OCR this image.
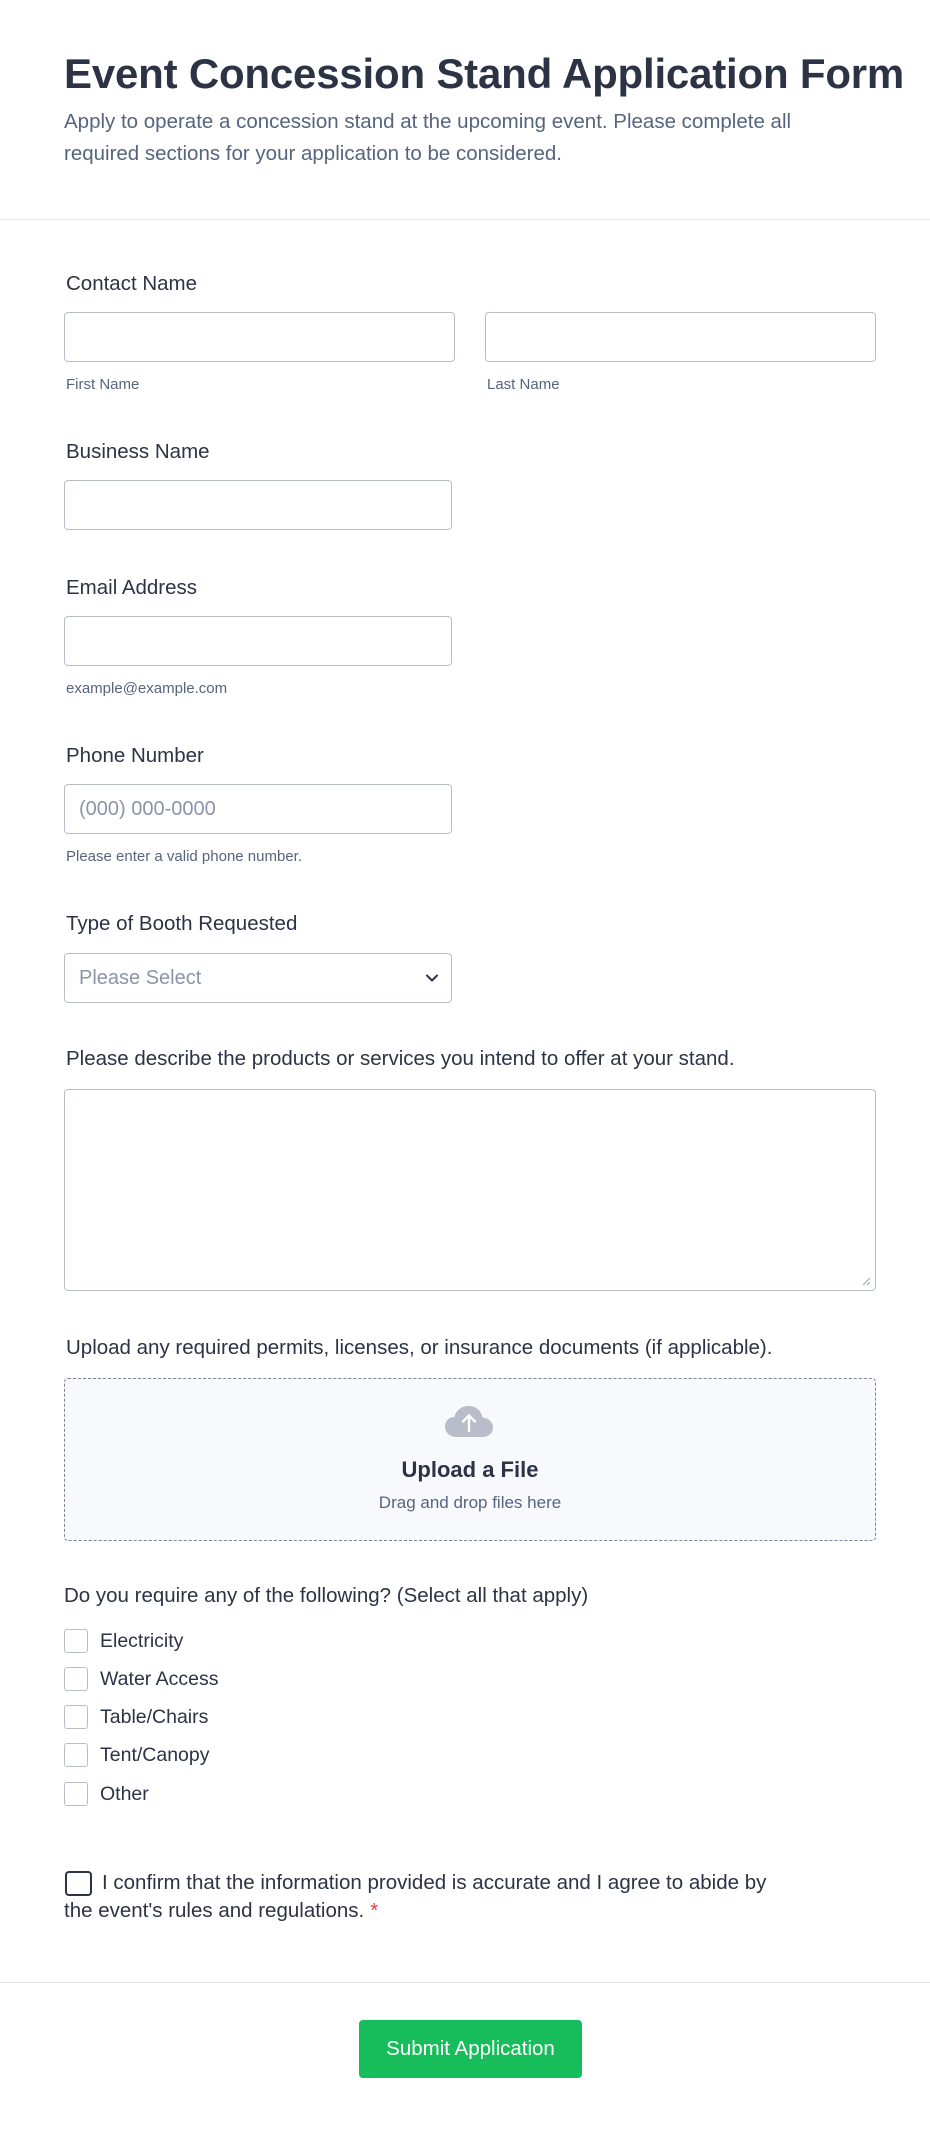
Event Concession Stand Application Form
Apply to operate a concession stand at the upcoming event. Please complete all required sections for your application to be considered.
Contact Name
First Name	Last Name
Business Name
Email Address
example@example.com
Phone Number
(000) 000-0000
Please enter a valid phone number.
Type of Booth Requested
Please Select
Please describe the products or services you intend to offer at your stand.
Upload any required permits, licenses, or insurance documents (if applicable).
Upload a File
Drag and drop files here
Do you require any of the following? (Select all that apply)
Electricity
Water Access
Table/Chairs
Tent/Canopy
Other
I confirm that the information provided is accurate and I agree to abide by the event's rules and regulations. *
Submit Application
